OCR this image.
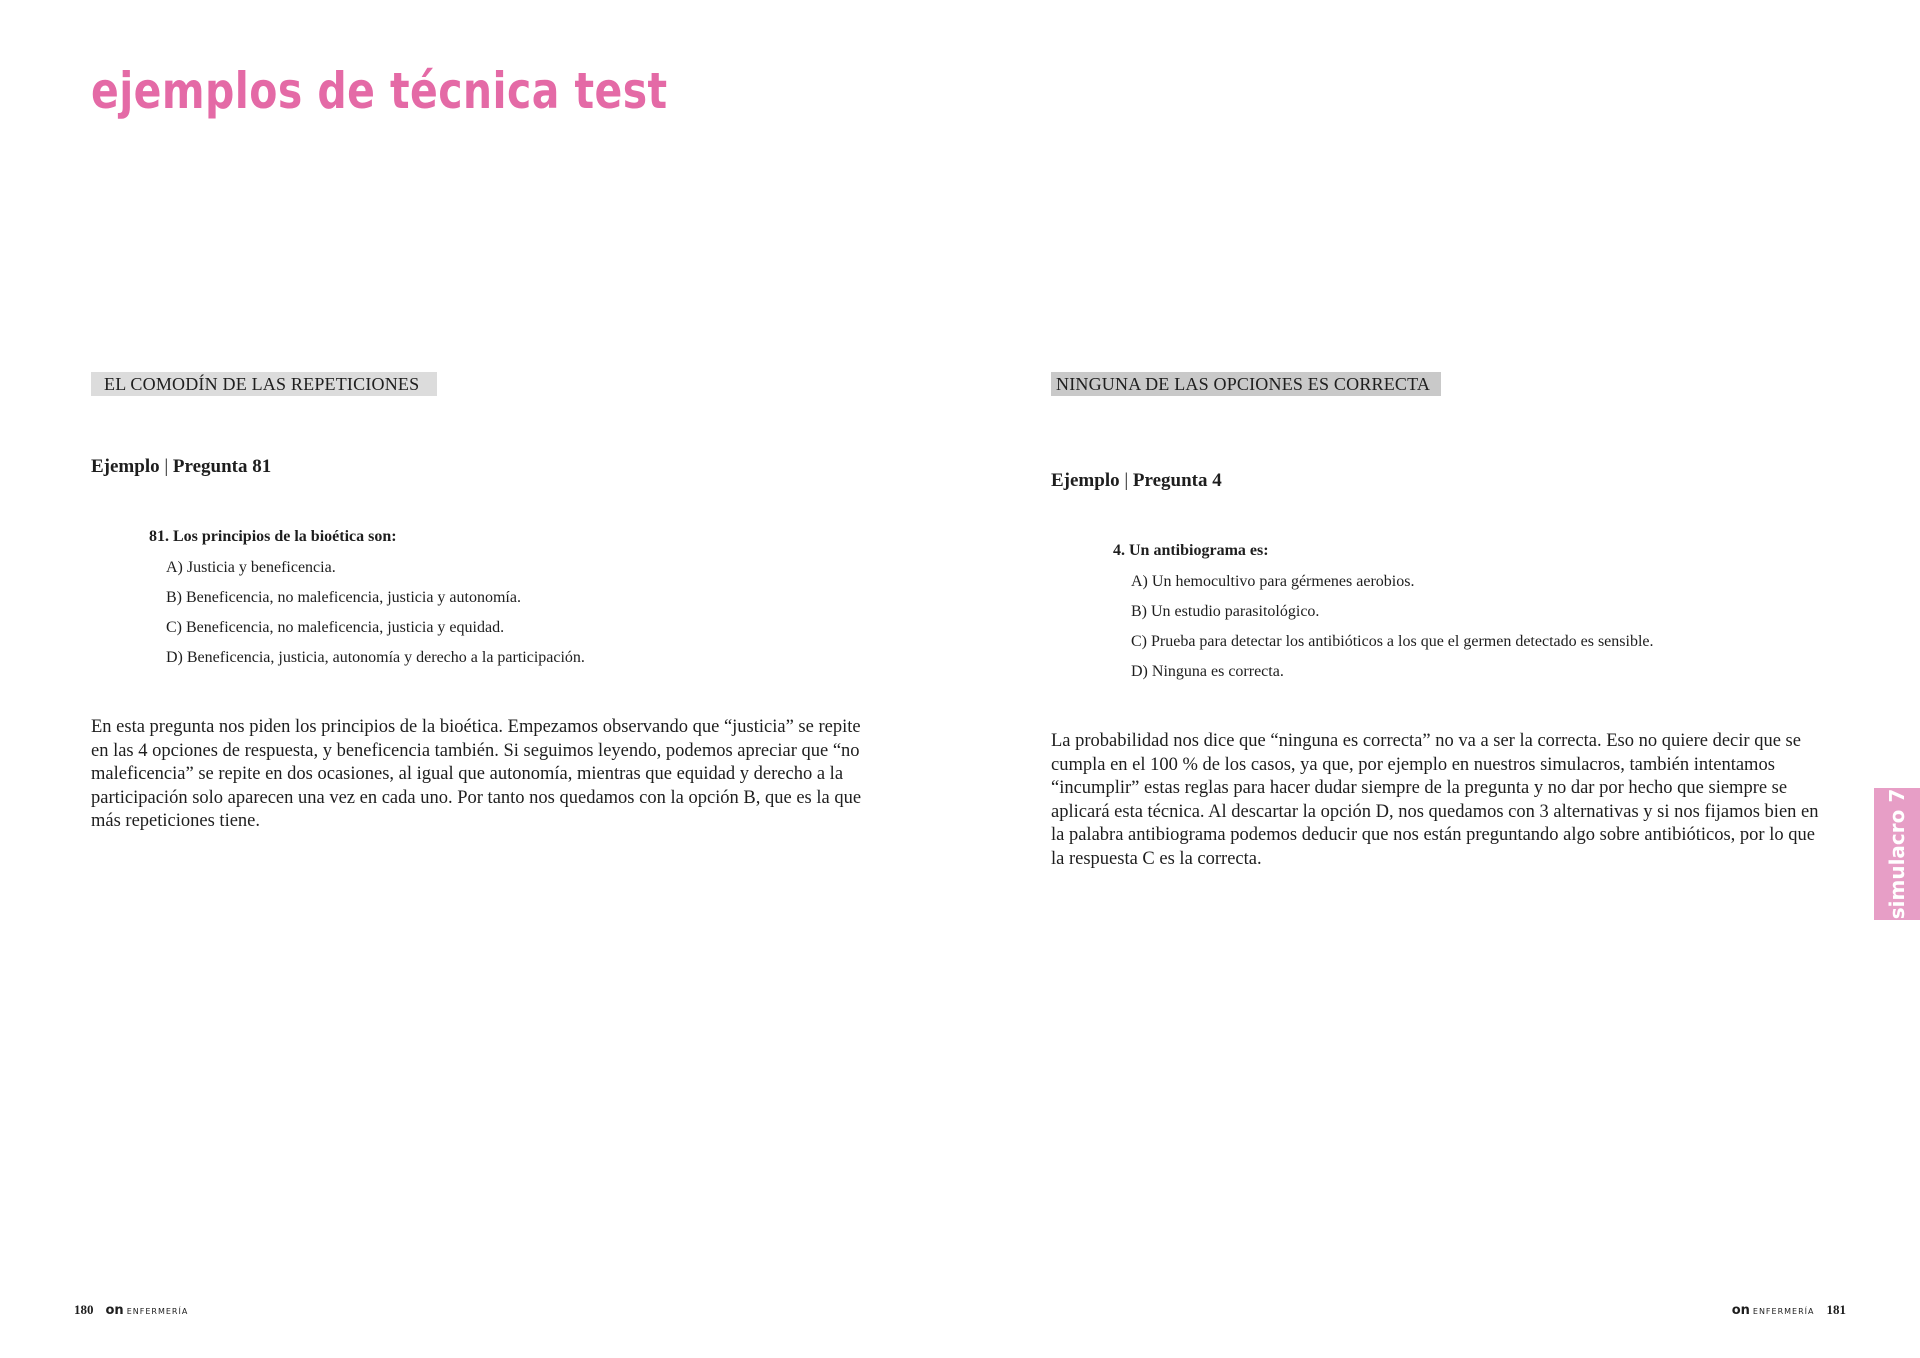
ejemplos de técnica test
EL COMODÍN DE LAS REPETICIONES
Ejemplo | Pregunta 81
81. Los principios de la bioética son:
A) Justicia y beneficencia.
B) Beneficencia, no maleficencia, justicia y autonomía.
C) Beneficencia, no maleficencia, justicia y equidad.
D) Beneficencia, justicia, autonomía y derecho a la participación.

En esta pregunta nos piden los principios de la bioética. Empezamos observando que “justicia” se repite en las 4 opciones de respuesta, y beneficencia también. Si seguimos leyendo, podemos apreciar que “no maleficencia” se repite en dos ocasiones, al igual que autonomía, mientras que equidad y derecho a la participación solo aparecen una vez en cada uno. Por tanto nos quedamos con la opción B, que es la que más repeticiones tiene.

NINGUNA DE LAS OPCIONES ES CORRECTA
Ejemplo | Pregunta 4
4. Un antibiograma es:
A) Un hemocultivo para gérmenes aerobios.
B) Un estudio parasitológico.
C) Prueba para detectar los antibióticos a los que el germen detectado es sensible.
D) Ninguna es correcta.

La probabilidad nos dice que “ninguna es correcta” no va a ser la correcta. Eso no quiere decir que se cumpla en el 100 % de los casos, ya que, por ejemplo en nuestros simulacros, también intentamos “incumplir” estas reglas para hacer dudar siempre de la pregunta y no dar por hecho que siempre se aplicará esta técnica. Al descartar la opción D, nos quedamos con 3 alternativas y si nos fijamos bien en la palabra antibiograma podemos deducir que nos están preguntando algo sobre antibióticos, por lo que la respuesta C es la correcta.	simulacro 7
180 on ENFERMERÍA	on ENFERMERÍA 181
